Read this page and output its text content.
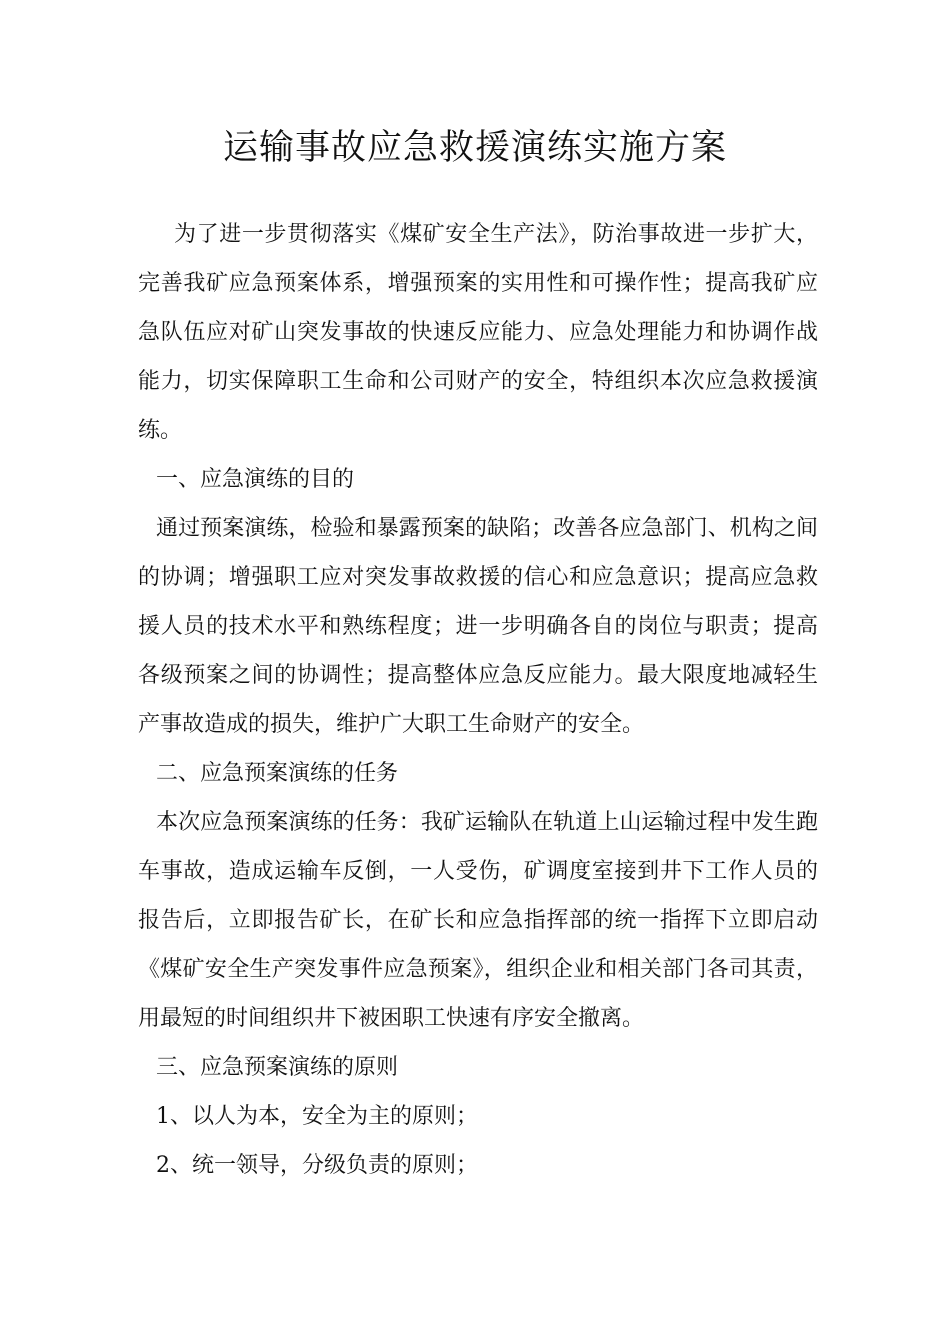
运输事故应急救援演练实施方案

为了进一步贯彻落实《煤矿安全生产法》，防治事故进一步扩大，完善我矿应急预案体系，增强预案的实用性和可操作性；提高我矿应急队伍应对矿山突发事故的快速反应能力、应急处理能力和协调作战能力，切实保障职工生命和公司财产的安全，特组织本次应急救援演练。

一、应急演练的目的

通过预案演练，检验和暴露预案的缺陷；改善各应急部门、机构之间的协调；增强职工应对突发事故救援的信心和应急意识；提高应急救援人员的技术水平和熟练程度；进一步明确各自的岗位与职责；提高各级预案之间的协调性；提高整体应急反应能力。最大限度地减轻生产事故造成的损失，维护广大职工生命财产的安全。

二、应急预案演练的任务

本次应急预案演练的任务：我矿运输队在轨道上山运输过程中发生跑车事故，造成运输车反倒，一人受伤，矿调度室接到井下工作人员的报告后，立即报告矿长，在矿长和应急指挥部的统一指挥下立即启动《煤矿安全生产突发事件应急预案》，组织企业和相关部门各司其责，用最短的时间组织井下被困职工快速有序安全撤离。

三、应急预案演练的原则

1、以人为本，安全为主的原则；

2、统一领导，分级负责的原则；
